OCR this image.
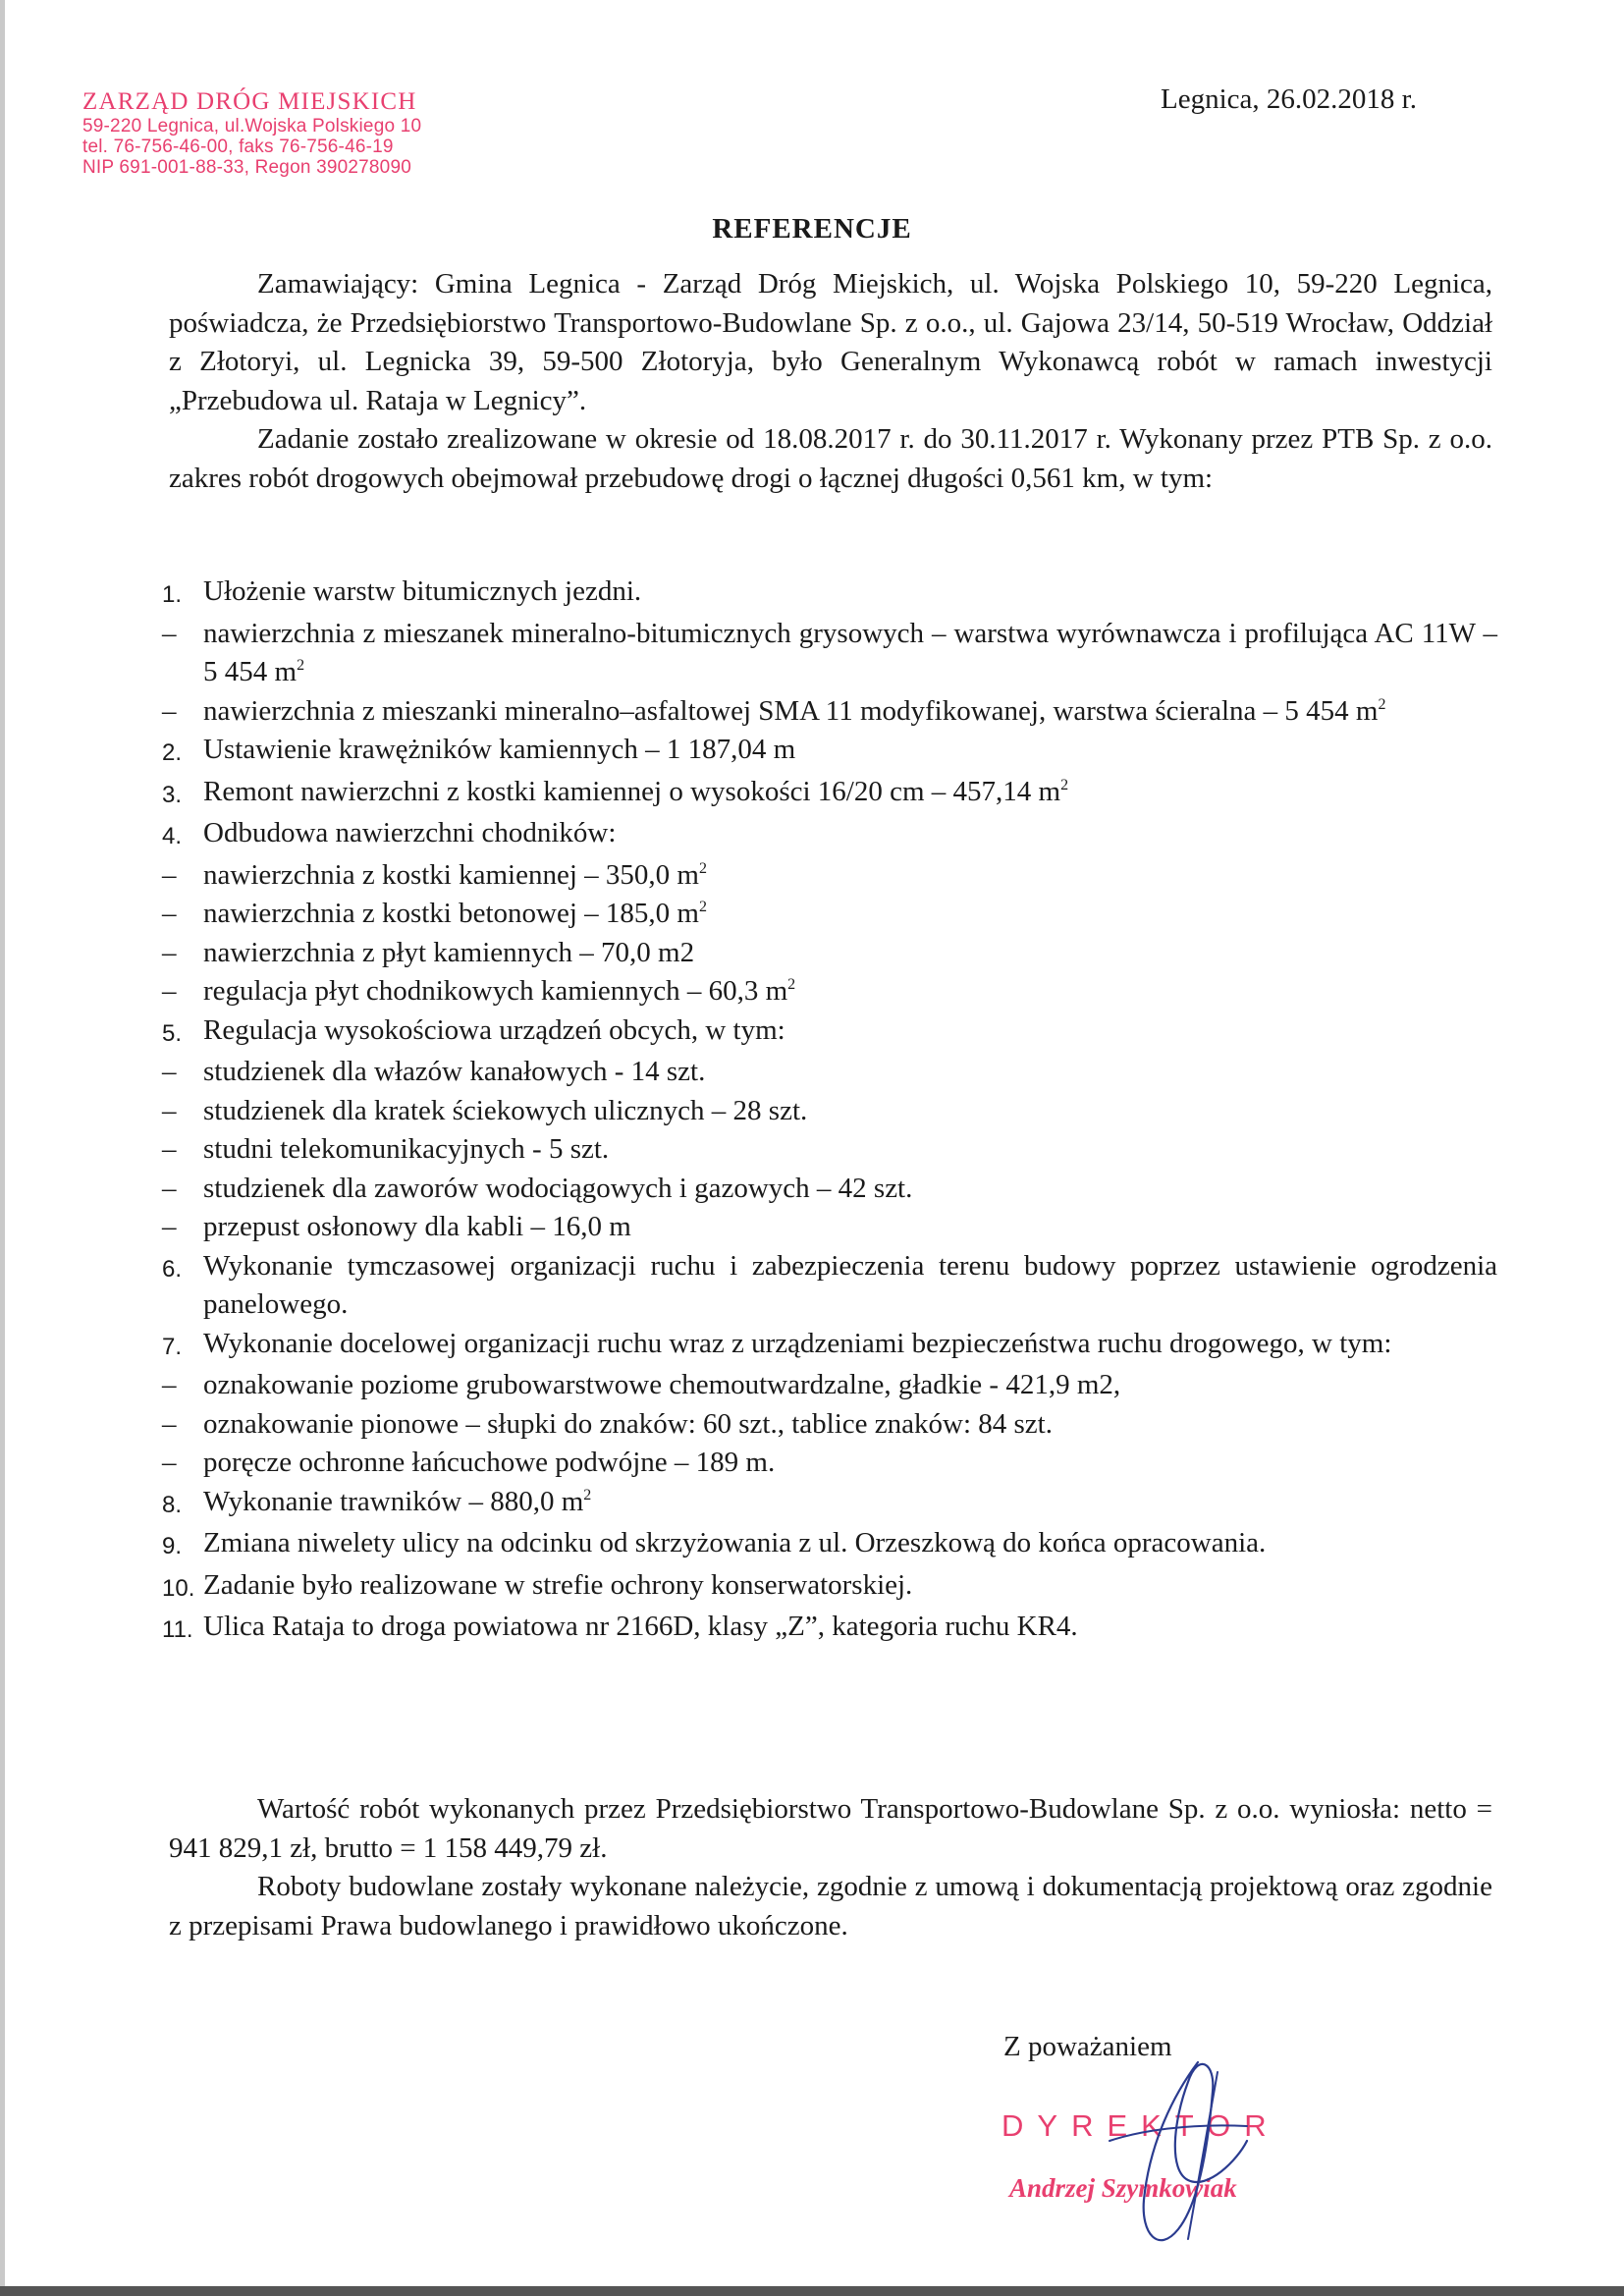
ZARZĄD DRÓG MIEJSKICH
59-220 Legnica, ul.Wojska Polskiego 10
tel. 76-756-46-00, faks 76-756-46-19
NIP 691-001-88-33, Regon 390278090
Legnica, 26.02.2018 r.
REFERENCJE

Zamawiający: Gmina Legnica - Zarząd Dróg Miejskich, ul. Wojska Polskiego 10, 59-220 Legnica, poświadcza, że Przedsiębiorstwo Transportowo-Budowlane Sp. z o.o., ul. Gajowa 23/14, 50-519 Wrocław, Oddział z Złotoryi, ul. Legnicka 39, 59-500 Złotoryja, było Generalnym Wykonawcą robót w ramach inwestycji „Przebudowa ul. Rataja w Legnicy”.

Zadanie zostało zrealizowane w okresie od 18.08.2017 r. do 30.11.2017 r. Wykonany przez PTB Sp. z o.o. zakres robót drogowych obejmował przebudowę drogi o łącznej długości 0,561 km, w tym:

1. Ułożenie warstw bitumicznych jezdni.
– nawierzchnia z mieszanek mineralno-bitumicznych grysowych – warstwa wyrównawcza i profilująca AC 11W – 5 454 $m^2$
– nawierzchnia z mieszanki mineralno–asfaltowej SMA 11 modyfikowanej, warstwa ścieralna – 5 454 $m^2$
2. Ustawienie krawężników kamiennych – 1 187,04 m
3. Remont nawierzchni z kostki kamiennej o wysokości 16/20 cm – 457,14 $m^2$
4. Odbudowa nawierzchni chodników:
– nawierzchnia z kostki kamiennej – 350,0 $m^2$
– nawierzchnia z kostki betonowej – 185,0 $m^2$
– nawierzchnia z płyt kamiennych – 70,0 m2
– regulacja płyt chodnikowych kamiennych – 60,3 $m^2$
5. Regulacja wysokościowa urządzeń obcych, w tym:
– studzienek dla włazów kanałowych - 14 szt.
– studzienek dla kratek ściekowych ulicznych – 28 szt.
– studni telekomunikacyjnych - 5 szt.
– studzienek dla zaworów wodociągowych i gazowych – 42 szt.
– przepust osłonowy dla kabli – 16,0 m
6. Wykonanie tymczasowej organizacji ruchu i zabezpieczenia terenu budowy poprzez ustawienie ogrodzenia panelowego.
7. Wykonanie docelowej organizacji ruchu wraz z urządzeniami bezpieczeństwa ruchu drogowego, w tym:
– oznakowanie poziome grubowarstwowe chemoutwardzalne, gładkie - 421,9 m2,
– oznakowanie pionowe – słupki do znaków: 60 szt., tablice znaków: 84 szt.
– poręcze ochronne łańcuchowe podwójne – 189 m.
8. Wykonanie trawników – 880,0 $m^2$
9. Zmiana niwelety ulicy na odcinku od skrzyżowania z ul. Orzeszkową do końca opracowania.
10. Zadanie było realizowane w strefie ochrony konserwatorskiej.
11. Ulica Rataja to droga powiatowa nr 2166D, klasy „Z”, kategoria ruchu KR4.

Wartość robót wykonanych przez Przedsiębiorstwo Transportowo-Budowlane Sp. z o.o. wyniosła: netto = 941 829,1 zł, brutto = 1 158 449,79 zł.

Roboty budowlane zostały wykonane należycie, zgodnie z umową i dokumentacją projektową oraz zgodnie z przepisami Prawa budowlanego i prawidłowo ukończone.

Z poważaniem
DYREKTOR
Andrzej Szymkowiak
